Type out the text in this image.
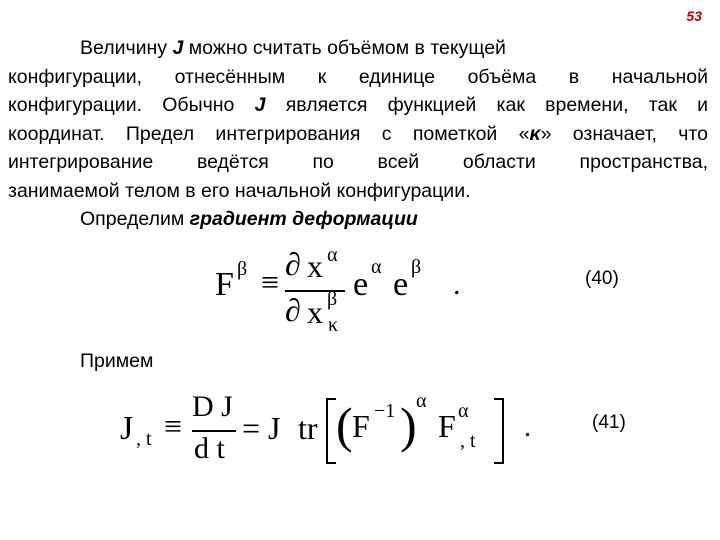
53
Величину J можно считать объёмом в текущей
конфигурации, отнесённым к единице объёма в начальной
конфигурации. Обычно J является функцией как времени, так и
координат. Предел интегрирования с пометкой «κ» означает, что
интегрирование ведётся по всей области пространства,
занимаемой телом в его начальной конфигурации.
Определим градиент деформации
F β ≡ ∂ x α
∂ x β
κ
e α e β
.	(40)
Примем
J , t ≡
D J
d t
= J tr ( F −1 ) α
F α
, t .	(41)
